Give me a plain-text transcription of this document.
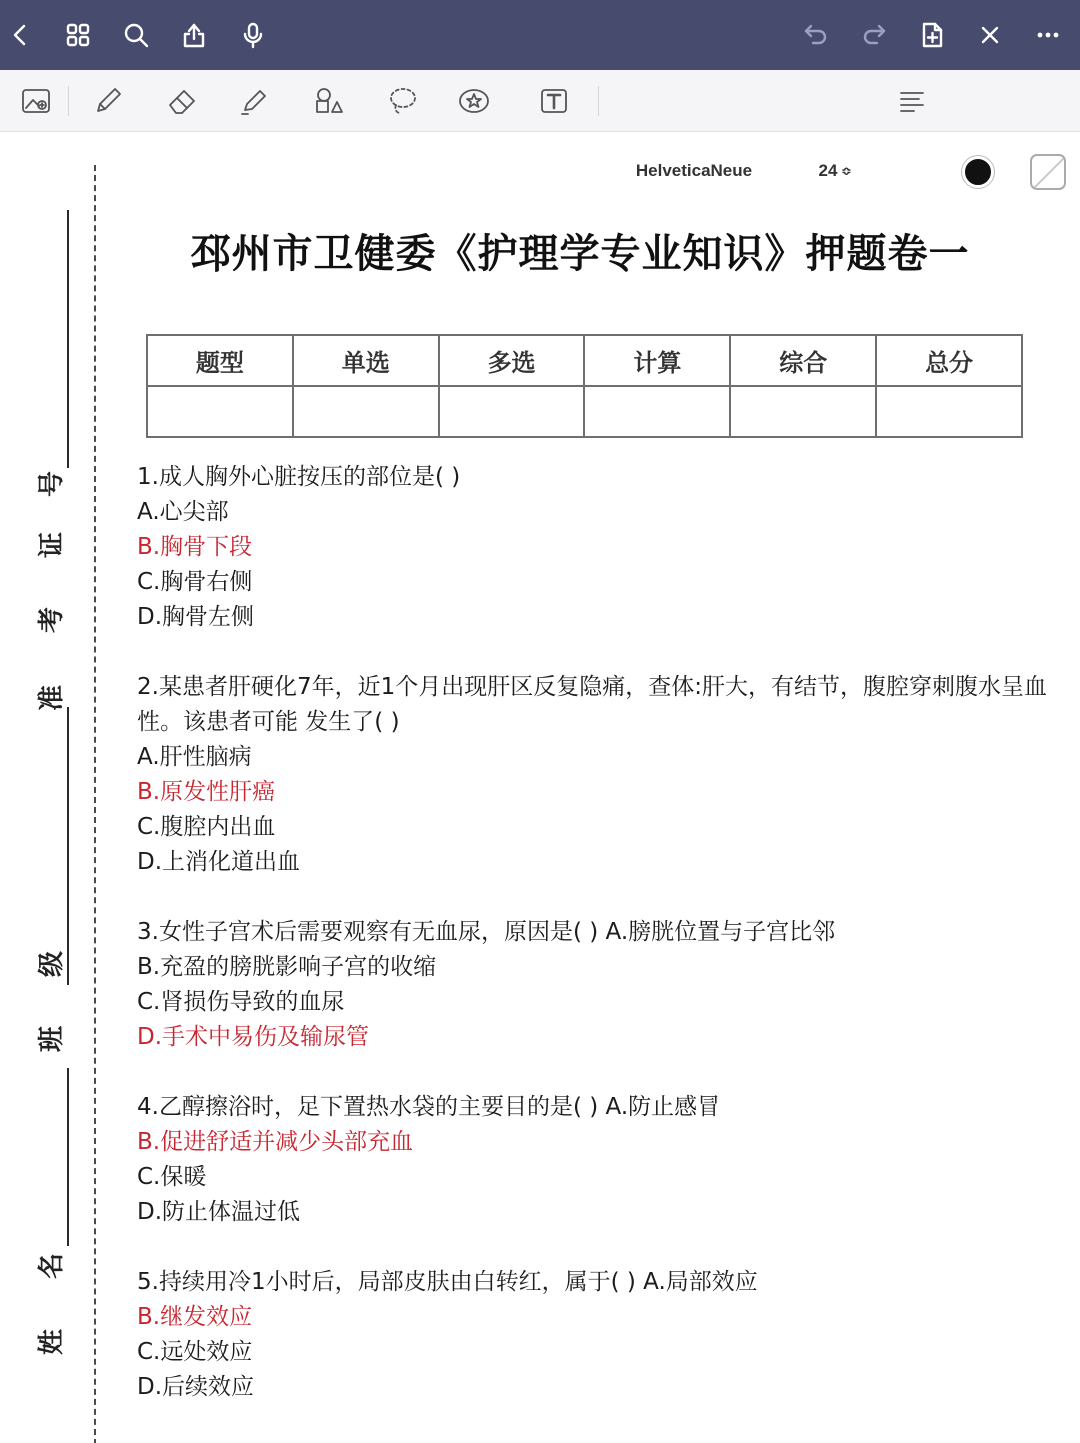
HelveticaNeue	24 ≎
号
证
考
准
级
班
名
姓
邳州市卫健委《护理学专业知识》押题卷一
题型	单选	多选	计算	综合	总分

1.成人胸外心脏按压的部位是( )
A.心尖部
B.胸骨下段
C.胸骨右侧
D.胸骨左侧
2.某患者肝硬化7年，近1个月出现肝区反复隐痛，查体:肝大，有结节，腹腔穿刺腹水呈血性。该患者可能 发生了( )
A.肝性脑病
B.原发性肝癌
C.腹腔内出血
D.上消化道出血
3.女性子宫术后需要观察有无血尿，原因是( ) A.膀胱位置与子宫比邻
B.充盈的膀胱影响子宫的收缩
C.肾损伤导致的血尿
D.手术中易伤及输尿管
4.乙醇擦浴时，足下置热水袋的主要目的是( ) A.防止感冒
B.促进舒适并减少头部充血
C.保暖
D.防止体温过低
5.持续用冷1小时后，局部皮肤由白转红，属于( ) A.局部效应
B.继发效应
C.远处效应
D.后续效应
